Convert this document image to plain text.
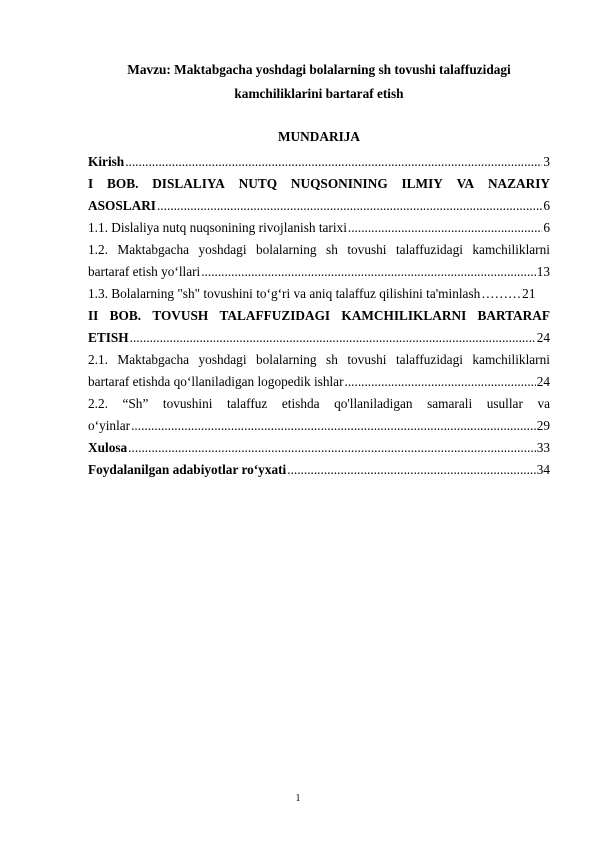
Mavzu: Maktabgacha yoshdagi bolalarning sh tovushi talaffuzidagi
kamchiliklarini bartaraf etish
MUNDARIJA
Kirish .....	3
I BOB. DISLALIYA NUTQ NUQSONINING ILMIY VA NAZARIY
ASOSLARI .....	6
1.1. Dislaliya nutq nuqsonining rivojlanish tarixi .....	6
1.2. Maktabgacha yoshdagi bolalarning sh tovushi talaffuzidagi kamchiliklarni
bartaraf etish yo‘llari .....	13
1.3. Bolalarning "sh" tovushini to‘g‘ri va aniq talaffuz qilishini ta'minlash ……… 21
II BOB. TOVUSH TALAFFUZIDAGI KAMCHILIKLARNI BARTARAF
ETISH .....	24
2.1. Maktabgacha yoshdagi bolalarning sh tovushi talaffuzidagi kamchiliklarni
bartaraf etishda qo‘llaniladigan logopedik ishlar .....	24
2.2. “Sh” tovushini talaffuz etishda qo'llaniladigan samarali usullar va
o‘yinlar .....	29
Xulosa .....	33
Foydalanilgan adabiyotlar ro‘yxati .....	34
1
